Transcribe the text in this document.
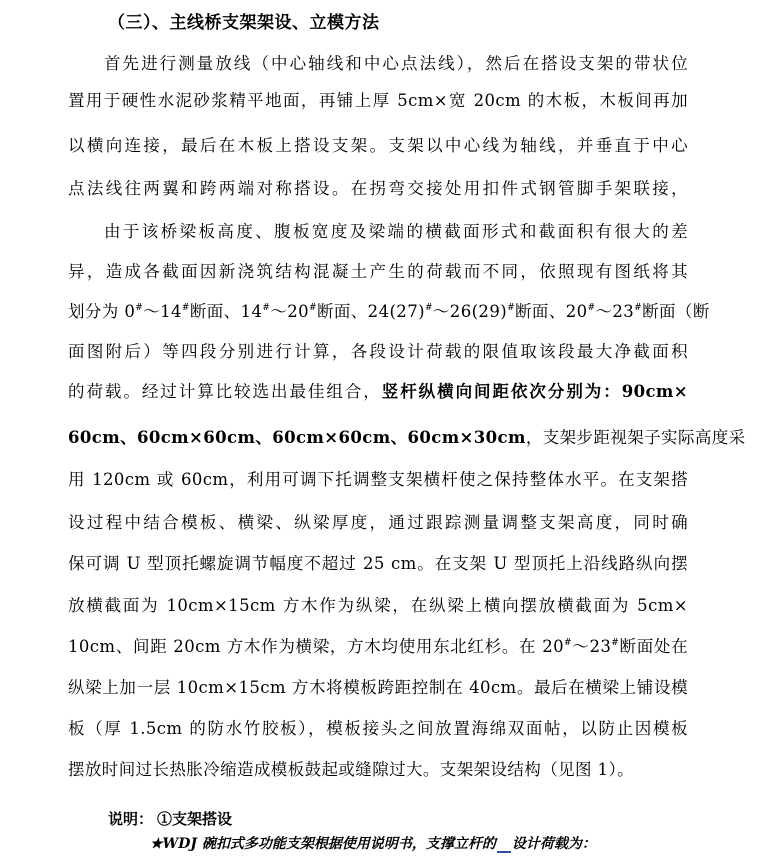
（三）、主线桥支架架设、立模方法
首先进行测量放线（中心轴线和中心点法线），然后在搭设支架的带状位
置用于硬性水泥砂浆精平地面，再铺上厚 5cm×宽 20cm 的木板，木板间再加
以横向连接，最后在木板上搭设支架。支架以中心线为轴线，并垂直于中心
点法线往两翼和跨两端对称搭设。在拐弯交接处用扣件式钢管脚手架联接，
由于该桥梁板高度、腹板宽度及梁端的横截面形式和截面积有很大的差
异，造成各截面因新浇筑结构混凝土产生的荷载而不同，依照现有图纸将其
划分为 0#～14#断面、14#～20#断面、24(27)#～26(29)#断面、20#～23#断面（断
面图附后）等四段分别进行计算，各段设计荷载的限值取该段最大净截面积
的荷载。经过计算比较选出最佳组合，竖杆纵横向间距依次分别为：90cm×
60cm、60cm×60cm、60cm×60cm、60cm×30cm，支架步距视架子实际高度采
用 120cm 或 60cm，利用可调下托调整支架横杆使之保持整体水平。在支架搭
设过程中结合模板、横梁、纵梁厚度，通过跟踪测量调整支架高度，同时确
保可调 U 型顶托螺旋调节幅度不超过 25 cm。在支架 U 型顶托上沿线路纵向摆
放横截面为 10cm×15cm 方木作为纵梁，在纵梁上横向摆放横截面为 5cm×
10cm、间距 20cm 方木作为横梁，方木均使用东北红杉。在 20#～23#断面处在
纵梁上加一层 10cm×15cm 方木将模板跨距控制在 40cm。最后在横梁上铺设模
板（厚 1.5cm 的防水竹胶板），模板接头之间放置海绵双面帖，以防止因模板
摆放时间过长热胀冷缩造成模板鼓起或缝隙过大。支架架设结构（见图 1）。
说明： ①支架搭设
★WDJ 碗扣式多功能支架根据使用说明书，支撑立杆的 设计荷载为：
